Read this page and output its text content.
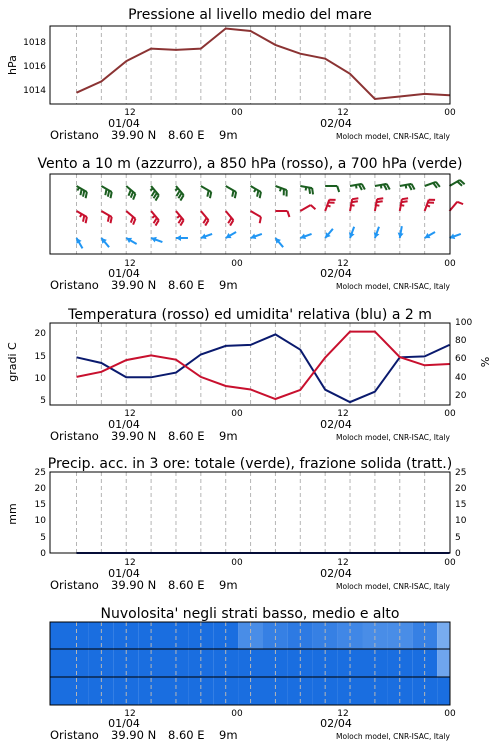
Pressione al livello medio del mare
hPa
1018
1016
1014
12	00	12	00
01/04	02/04
Oristano 39.90 N 8.60 E 9m	Moloch model, CNR-ISAC, Italy
Vento a 10 m (azzurro), a 850 hPa (rosso), a 700 hPa (verde)
12	00	12	00
01/04	02/04
Oristano 39.90 N 8.60 E 9m	Moloch model, CNR-ISAC, Italy
Temperatura (rosso) ed umidita' relativa (blu) a 2 m
gradi C	%
5
10
15
20
20
40
60
80
100
12	00	12	00
01/04	02/04
Oristano 39.90 N 8.60 E 9m	Moloch model, CNR-ISAC, Italy
Precip. acc. in 3 ore: totale (verde), frazione solida (tratt.)
mm
25
20
15
10
5
0
25
20
15
10
5
0
12	00	12	00
01/04	02/04
Oristano 39.90 N 8.60 E 9m	Moloch model, CNR-ISAC, Italy
Nuvolosita' negli strati basso, medio e alto
12	00	12	00
01/04	02/04
Oristano 39.90 N 8.60 E 9m	Moloch model, CNR-ISAC, Italy
